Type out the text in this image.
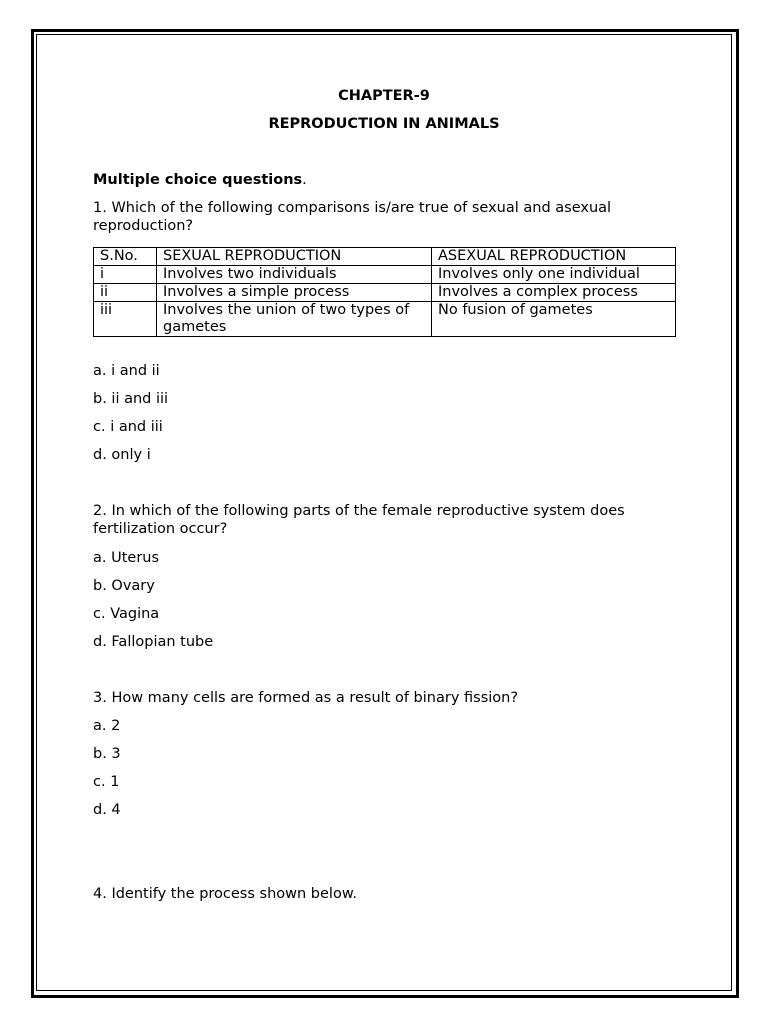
CHAPTER-9
REPRODUCTION IN ANIMALS
Multiple choice questions.
1. Which of the following comparisons is/are true of sexual and asexual reproduction?
S.No.	SEXUAL REPRODUCTION	ASEXUAL REPRODUCTION
i	Involves two individuals	Involves only one individual
ii	Involves a simple process	Involves a complex process
iii	Involves the union of two types of gametes	No fusion of gametes
a. i and ii
b. ii and iii
c. i and iii
d. only i
2. In which of the following parts of the female reproductive system does fertilization occur?
a. Uterus
b. Ovary
c. Vagina
d. Fallopian tube
3. How many cells are formed as a result of binary fission?
a. 2
b. 3
c. 1
d. 4
4. Identify the process shown below.
